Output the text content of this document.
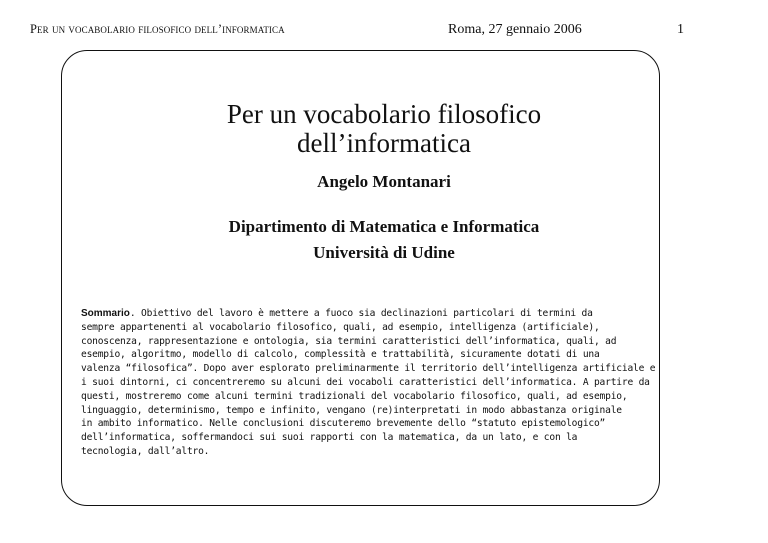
Per un vocabolario filosofico dell’informatica	Roma, 27 gennaio 2006	1
Per un vocabolario filosofico
dell’informatica
Angelo Montanari
Dipartimento di Matematica e Informatica
Università di Udine
Sommario. Obiettivo del lavoro è mettere a fuoco sia declinazioni particolari di termini da
sempre appartenenti al vocabolario filosofico, quali, ad esempio, intelligenza (artificiale),
conoscenza, rappresentazione e ontologia, sia termini caratteristici dell’informatica, quali, ad
esempio, algoritmo, modello di calcolo, complessità e trattabilità, sicuramente dotati di una
valenza “filosofica”. Dopo aver esplorato preliminarmente il territorio dell’intelligenza artificiale e
i suoi dintorni, ci concentreremo su alcuni dei vocaboli caratteristici dell’informatica. A partire da
questi, mostreremo come alcuni termini tradizionali del vocabolario filosofico, quali, ad esempio,
linguaggio, determinismo, tempo e infinito, vengano (re)interpretati in modo abbastanza originale
in ambito informatico. Nelle conclusioni discuteremo brevemente dello “statuto epistemologico”
dell’informatica, soffermandoci sui suoi rapporti con la matematica, da un lato, e con la
tecnologia, dall’altro.
